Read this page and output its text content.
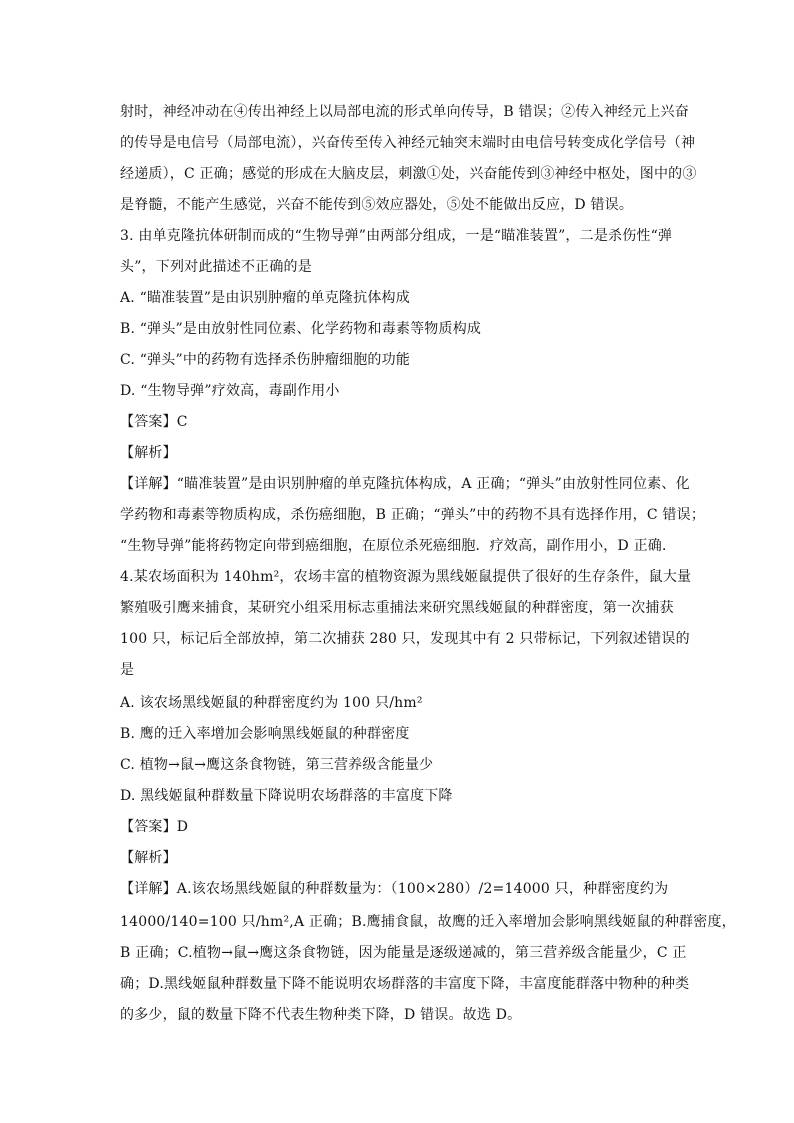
射时，神经冲动在④传出神经上以局部电流的形式单向传导，B 错误；②传入神经元上兴奋
的传导是电信号（局部电流），兴奋传至传入神经元轴突末端时由电信号转变成化学信号（神
经递质），C 正确；感觉的形成在大脑皮层，刺激①处，兴奋能传到③神经中枢处，图中的③
是脊髓，不能产生感觉，兴奋不能传到⑤效应器处，⑤处不能做出反应，D 错误。
3. 由单克隆抗体研制而成的“生物导弹”由两部分组成，一是“瞄准装置”，二是杀伤性“弹
头”，下列对此描述不正确的是
A. “瞄准装置”是由识别肿瘤的单克隆抗体构成
B. “弹头”是由放射性同位素、化学药物和毒素等物质构成
C. “弹头”中的药物有选择杀伤肿瘤细胞的功能
D. “生物导弹”疗效高，毒副作用小
【答案】C
【解析】
【详解】“瞄准装置”是由识别肿瘤的单克隆抗体构成，A 正确；“弹头”由放射性同位素、化
学药物和毒素等物质构成，杀伤癌细胞，B 正确；“弹头”中的药物不具有选择作用，C 错误；
“生物导弹”能将药物定向带到癌细胞，在原位杀死癌细胞．疗效高，副作用小，D 正确．
4.某农场面积为 140hm²，农场丰富的植物资源为黑线姬鼠提供了很好的生存条件，鼠大量
繁殖吸引鹰来捕食，某研究小组采用标志重捕法来研究黑线姬鼠的种群密度，第一次捕获
100 只，标记后全部放掉，第二次捕获 280 只，发现其中有 2 只带标记，下列叙述错误的
是
A. 该农场黑线姬鼠的种群密度约为 100 只/hm²
B. 鹰的迁入率增加会影响黑线姬鼠的种群密度
C. 植物→鼠→鹰这条食物链，第三营养级含能量少
D. 黑线姬鼠种群数量下降说明农场群落的丰富度下降
【答案】D
【解析】
【详解】A.该农场黑线姬鼠的种群数量为：（100×280）/2=14000 只，种群密度约为
14000/140=100 只/hm²,A 正确；B.鹰捕食鼠，故鹰的迁入率增加会影响黑线姬鼠的种群密度，
B 正确；C.植物→鼠→鹰这条食物链，因为能量是逐级递减的，第三营养级含能量少，C 正
确；D.黑线姬鼠种群数量下降不能说明农场群落的丰富度下降，丰富度能群落中物种的种类
的多少，鼠的数量下降不代表生物种类下降，D 错误。故选 D。
